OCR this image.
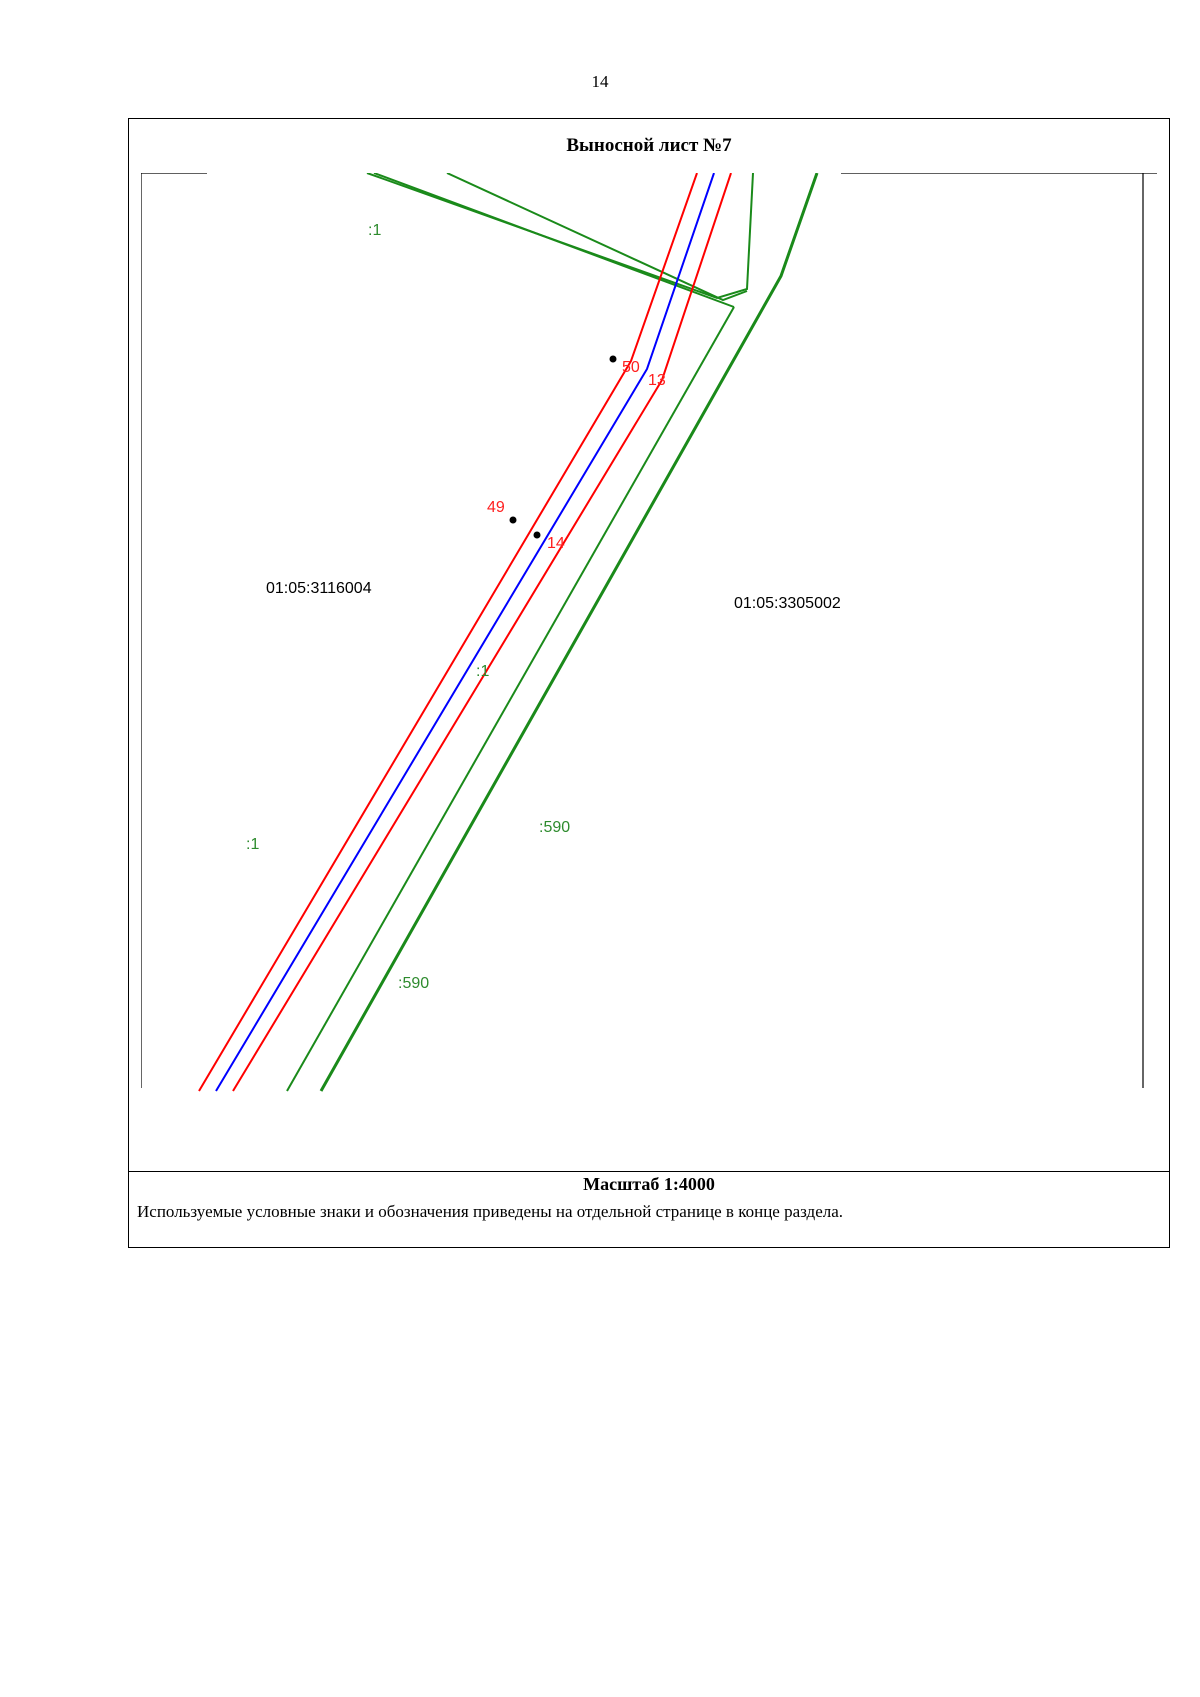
14
Выносной лист №7
:1
:1
:1
:590
:590
01:05:3116004
01:05:3305002
50
13
49
14
Масштаб 1:4000
Используемые условные знаки и обозначения приведены на отдельной странице в конце раздела.
